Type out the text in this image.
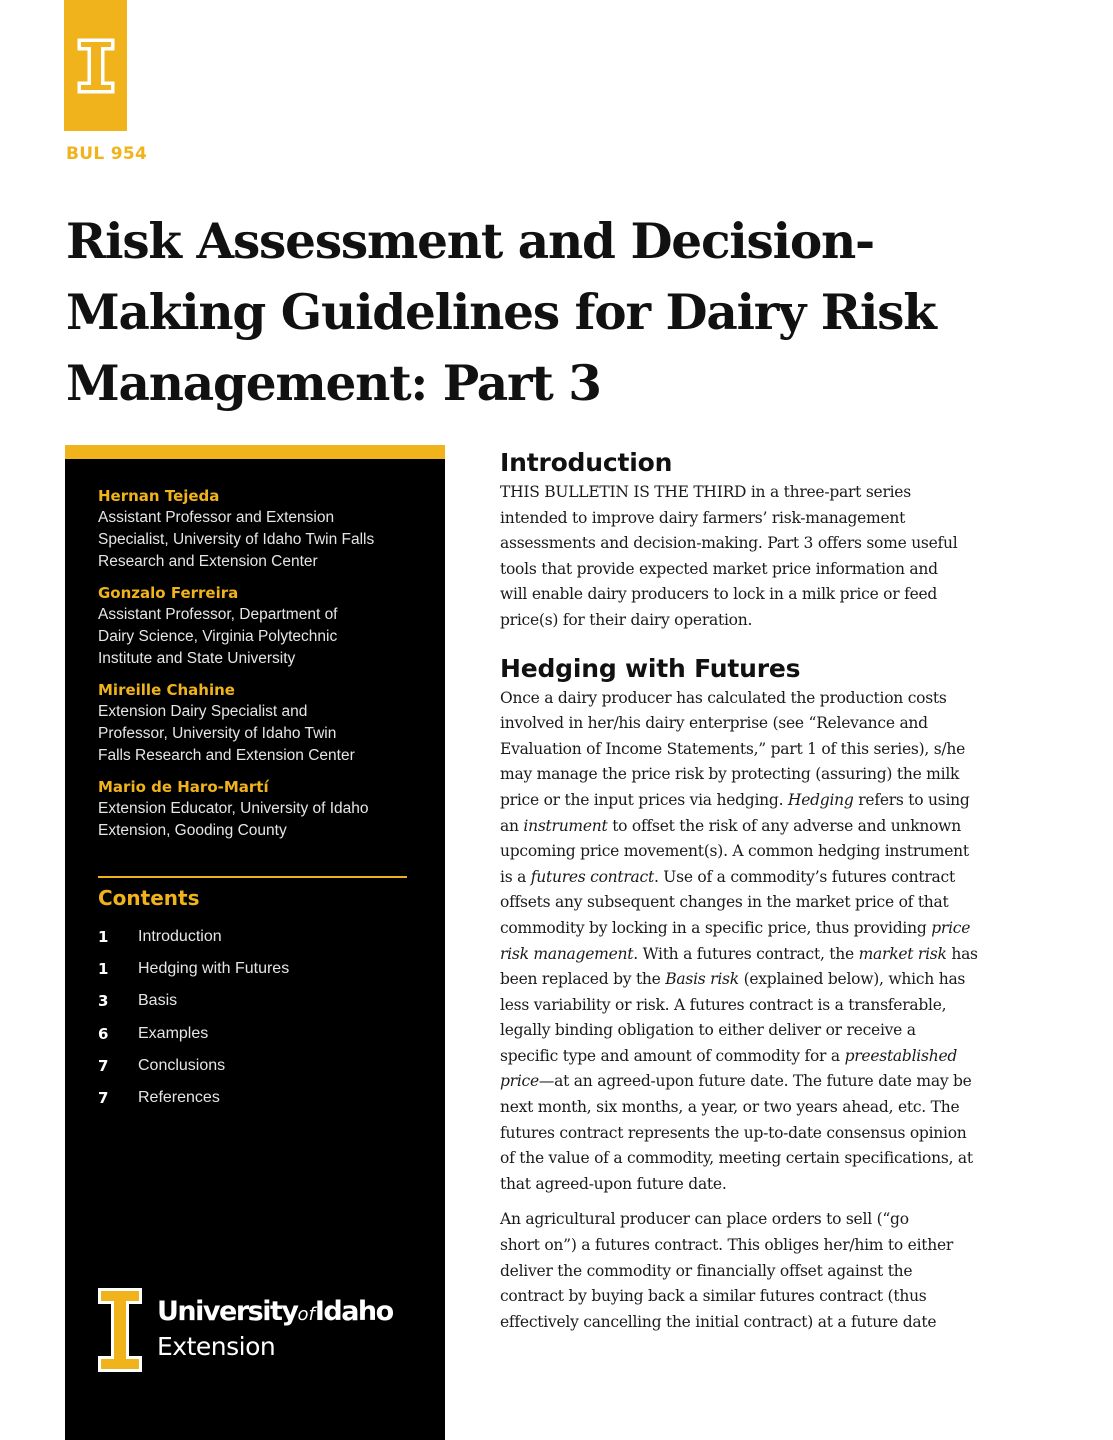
BUL 954
Risk Assessment and Decision-
Making Guidelines for Dairy Risk
Management: Part 3
Hernan Tejeda
Assistant Professor and Extension
Specialist, University of Idaho Twin Falls
Research and Extension Center
Gonzalo Ferreira
Assistant Professor, Department of
Dairy Science, Virginia Polytechnic
Institute and State University
Mireille Chahine
Extension Dairy Specialist and
Professor, University of Idaho Twin
Falls Research and Extension Center
Mario de Haro-Martí
Extension Educator, University of Idaho
Extension, Gooding County
Contents
1	Introduction
1	Hedging with Futures
3	Basis
6	Examples
7	Conclusions
7	References
UniversityofIdaho
Extension
Introduction

THIS BULLETIN IS THE THIRD in a three-part series
intended to improve dairy farmers’ risk-management
assessments and decision-making. Part 3 offers some useful
tools that provide expected market price information and
will enable dairy producers to lock in a milk price or feed
price(s) for their dairy operation.

Hedging with Futures

Once a dairy producer has calculated the production costs
involved in her/his dairy enterprise (see “Relevance and
Evaluation of Income Statements,” part 1 of this series), s/he
may manage the price risk by protecting (assuring) the milk
price or the input prices via hedging. Hedging refers to using
an instrument to offset the risk of any adverse and unknown
upcoming price movement(s). A common hedging instrument
is a futures contract. Use of a commodity’s futures contract
offsets any subsequent changes in the market price of that
commodity by locking in a specific price, thus providing price
risk management. With a futures contract, the market risk has
been replaced by the Basis risk (explained below), which has
less variability or risk. A futures contract is a transferable,
legally binding obligation to either deliver or receive a
specific type and amount of commodity for a preestablished
price—at an agreed-upon future date. The future date may be
next month, six months, a year, or two years ahead, etc. The
futures contract represents the up-to-date consensus opinion
of the value of a commodity, meeting certain specifications, at
that agreed-upon future date.

An agricultural producer can place orders to sell (“go
short on”) a futures contract. This obliges her/him to either
deliver the commodity or financially offset against the
contract by buying back a similar futures contract (thus
effectively cancelling the initial contract) at a future date
